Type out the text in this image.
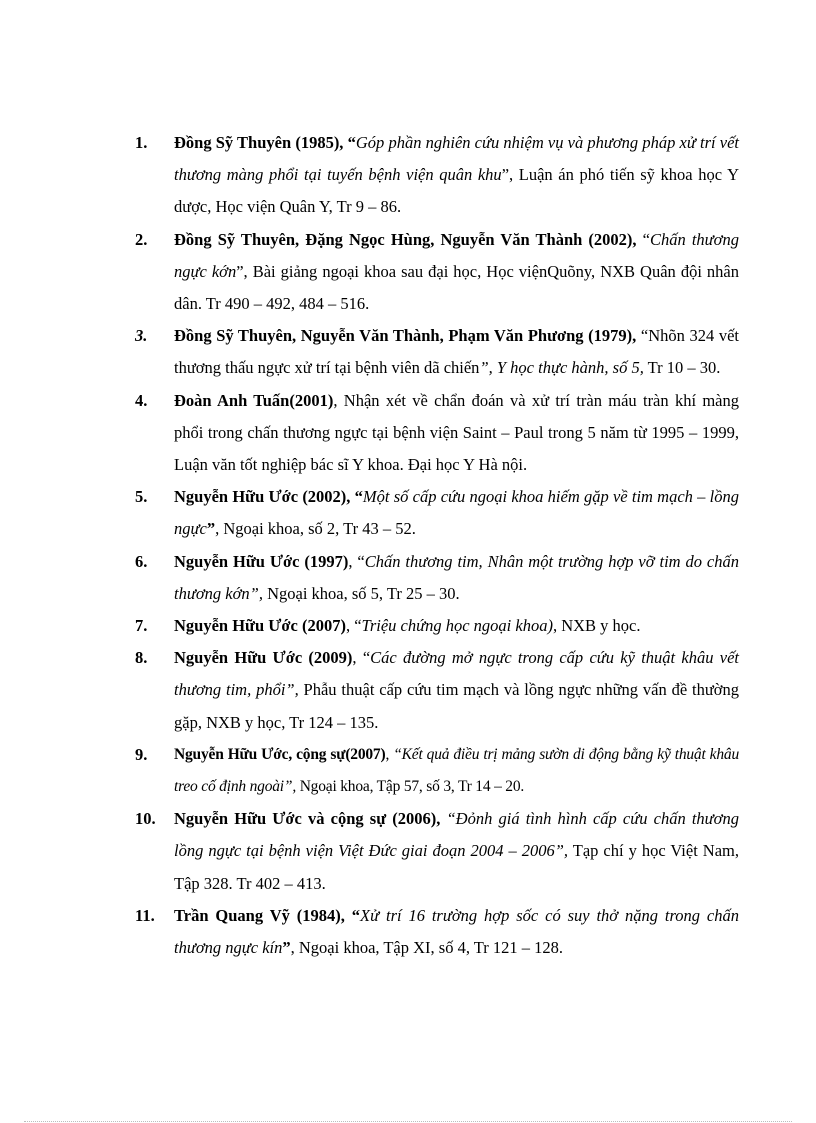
1.	Đồng Sỹ Thuyên (1985), “Góp phần nghiên cứu nhiệm vụ và phương pháp xử trí vết thương màng phổi tại tuyến bệnh viện quân khu”, Luận án phó tiến sỹ khoa học Y dược, Học viện Quân Y, Tr 9 – 86.
2.	Đồng Sỹ Thuyên, Đặng Ngọc Hùng, Nguyễn Văn Thành (2002), “Chấn thương ngực kớn”, Bài giảng ngoại khoa sau đại học, Học việnQuõny, NXB Quân đội nhân dân. Tr 490 – 492, 484 – 516.
3.	Đồng Sỹ Thuyên, Nguyễn Văn Thành, Phạm Văn Phương (1979), “Nhõn 324 vết thương thấu ngực xử trí tại bệnh viên dã chiến”, Y học thực hành, số 5, Tr 10 – 30.
4.	Đoàn Anh Tuấn(2001), Nhận xét về chẩn đoán và xử trí tràn máu tràn khí màng phổi trong chấn thương ngực tại bệnh viện Saint – Paul trong 5 năm từ 1995 – 1999, Luận văn tốt nghiệp bác sĩ Y khoa. Đại học Y Hà nội.
5.	Nguyễn Hữu Ước (2002), “Một số cấp cứu ngoại khoa hiếm gặp về tim mạch – lồng ngực”, Ngoại khoa, số 2, Tr 43 – 52.
6.	Nguyễn Hữu Ước (1997), “Chấn thương tim, Nhân một trường hợp vỡ tim do chấn thương kớn”, Ngoại khoa, số 5, Tr 25 – 30.
7.	Nguyễn Hữu Ước (2007), “Triệu chứng học ngoại khoa), NXB y học.
8.	Nguyễn Hữu Ước (2009), “Các đường mở ngực trong cấp cứu kỹ thuật khâu vết thương tim, phổi”, Phẫu thuật cấp cứu tim mạch và lồng ngực những vấn đề thường gặp, NXB y học, Tr 124 – 135.
9.	Nguyễn Hữu Ước, cộng sự(2007), “Kết quả điều trị mảng sườn di động bằng kỹ thuật khâu treo cố định ngoài”, Ngoại khoa, Tập 57, số 3, Tr 14 – 20.
10.	Nguyễn Hữu Ước và cộng sự (2006), “Đỏnh giá tình hình cấp cứu chấn thương lồng ngực tại bệnh viện Việt Đức giai đoạn 2004 – 2006”, Tạp chí y học Việt Nam, Tập 328. Tr 402 – 413.
11.	Trần Quang Vỹ (1984), “Xử trí 16 trường hợp sốc có suy thở nặng trong chấn thương ngực kín”, Ngoại khoa, Tập XI, số 4, Tr 121 – 128.
